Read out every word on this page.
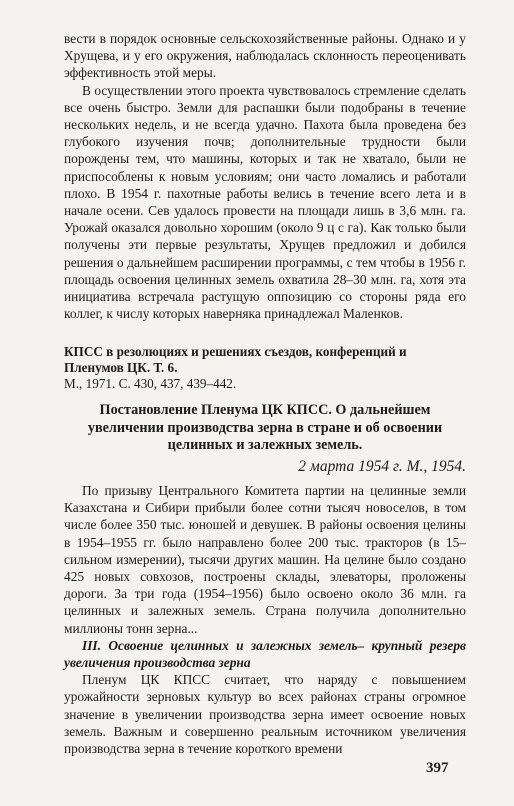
вести в порядок основные сельскохозяйственные районы. Однако и у Хрущева, и у его окружения, наблюдалась склонность переоценивать эффективность этой меры.

В осуществлении этого проекта чувствовалось стремление сделать все очень быстро. Земли для распашки были подобраны в течение нескольких недель, и не всегда удачно. Пахота была проведена без глубокого изучения почв; дополнительные трудности были порождены тем, что машины, которых и так не хватало, были не приспособлены к новым условиям; они часто ломались и работали плохо. В 1954 г. пахотные работы велись в течение всего лета и в начале осени. Сев удалось провести на площади лишь в 3,6 млн. га. Урожай оказался довольно хорошим (около 9 ц с га). Как только были получены эти первые результаты, Хрущев предложил и добился решения о дальнейшем расширении программы, с тем чтобы в 1956 г. площадь освоения целинных земель охватила 28–30 млн. га, хотя эта инициатива встречала растущую оппозицию со стороны ряда его коллег, к числу которых наверняка принадлежал Маленков.

КПСС в резолюциях и решениях съездов, конференций и Пленумов ЦК. Т. 6.
М., 1971. С. 430, 437, 439–442.
Постановление Пленума ЦК КПСС. О дальнейшем увеличении производства зерна в стране и об освоении целинных и залежных земель.
2 марта 1954 г. М., 1954.

По призыву Центрального Комитета партии на целинные земли Казахстана и Сибири прибыли более сотни тысяч новоселов, в том числе более 350 тыс. юношей и девушек. В районы освоения целины в 1954–1955 гг. было направлено более 200 тыс. тракторов (в 15–сильном измерении), тысячи других машин. На целине было создано 425 новых совхозов, построены склады, элеваторы, проложены дороги. За три года (1954–1956) было освоено около 36 млн. га целинных и залежных земель. Страна получила дополнительно миллионы тонн зерна...

III. Освоение целинных и залежных земель– крупный резерв увеличения производства зерна

Пленум ЦК КПСС считает, что наряду с повышением урожайности зерновых культур во всех районах страны огромное значение в увеличении производства зерна имеет освоение новых земель. Важным и совершенно реальным источником увеличения производства зерна в течение короткого времени

397
